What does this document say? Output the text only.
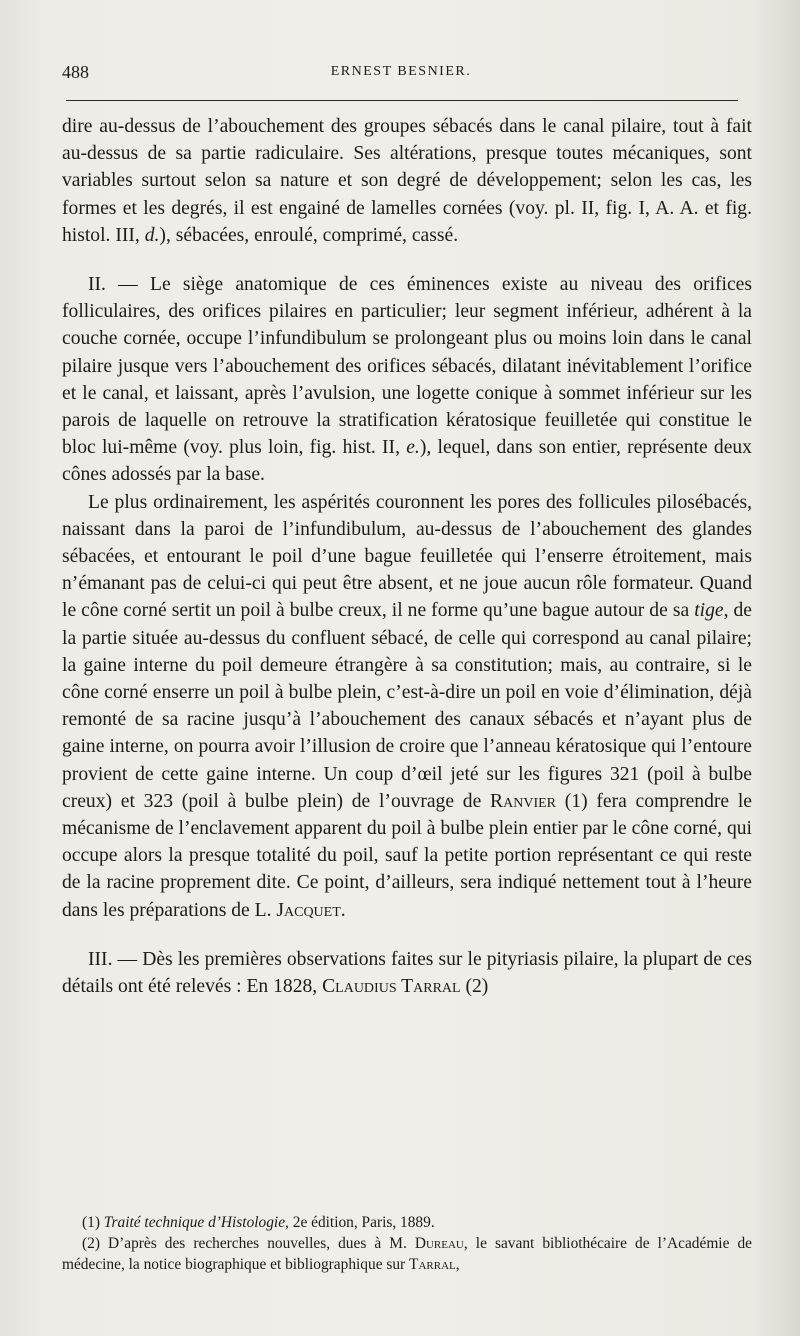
488	ERNEST BESNIER.

dire au-dessus de l’abouchement des groupes sébacés dans le canal pilaire, tout à fait au-dessus de sa partie radiculaire. Ses altérations, presque toutes mécaniques, sont variables surtout selon sa nature et son degré de développement; selon les cas, les formes et les degrés, il est engainé de lamelles cornées (voy. pl. II, fig. I, A. A. et fig. histol. III, d.), sébacées, enroulé, comprimé, cassé.

II. — Le siège anatomique de ces éminences existe au niveau des orifices folliculaires, des orifices pilaires en particulier; leur segment inférieur, adhérent à la couche cornée, occupe l’infundibulum se prolongeant plus ou moins loin dans le canal pilaire jusque vers l’abouchement des orifices sébacés, dilatant inévitablement l’orifice et le canal, et laissant, après l’avulsion, une logette conique à sommet inférieur sur les parois de laquelle on retrouve la stratification kératosique feuilletée qui constitue le bloc lui-même (voy. plus loin, fig. hist. II, e.), lequel, dans son entier, représente deux cônes adossés par la base.

Le plus ordinairement, les aspérités couronnent les pores des follicules pilosébacés, naissant dans la paroi de l’infundibulum, au-dessus de l’abouchement des glandes sébacées, et entourant le poil d’une bague feuilletée qui l’enserre étroitement, mais n’émanant pas de celui-ci qui peut être absent, et ne joue aucun rôle formateur. Quand le cône corné sertit un poil à bulbe creux, il ne forme qu’une bague autour de sa tige, de la partie située au-dessus du confluent sébacé, de celle qui correspond au canal pilaire; la gaine interne du poil demeure étrangère à sa constitution; mais, au contraire, si le cône corné enserre un poil à bulbe plein, c’est-à-dire un poil en voie d’élimination, déjà remonté de sa racine jusqu’à l’abouchement des canaux sébacés et n’ayant plus de gaine interne, on pourra avoir l’illusion de croire que l’anneau kératosique qui l’entoure provient de cette gaine interne. Un coup d’œil jeté sur les figures 321 (poil à bulbe creux) et 323 (poil à bulbe plein) de l’ouvrage de Ranvier (1) fera comprendre le mécanisme de l’enclavement apparent du poil à bulbe plein entier par le cône corné, qui occupe alors la presque totalité du poil, sauf la petite portion représentant ce qui reste de la racine proprement dite. Ce point, d’ailleurs, sera indiqué nettement tout à l’heure dans les préparations de L. Jacquet.

III. — Dès les premières observations faites sur le pityriasis pilaire, la plupart de ces détails ont été relevés : En 1828, Claudius Tarral (2)

(1) Traité technique d’Histologie, 2e édition, Paris, 1889.

(2) D’après des recherches nouvelles, dues à M. Dureau, le savant bibliothécaire de l’Académie de médecine, la notice biographique et bibliographique sur Tarral,
